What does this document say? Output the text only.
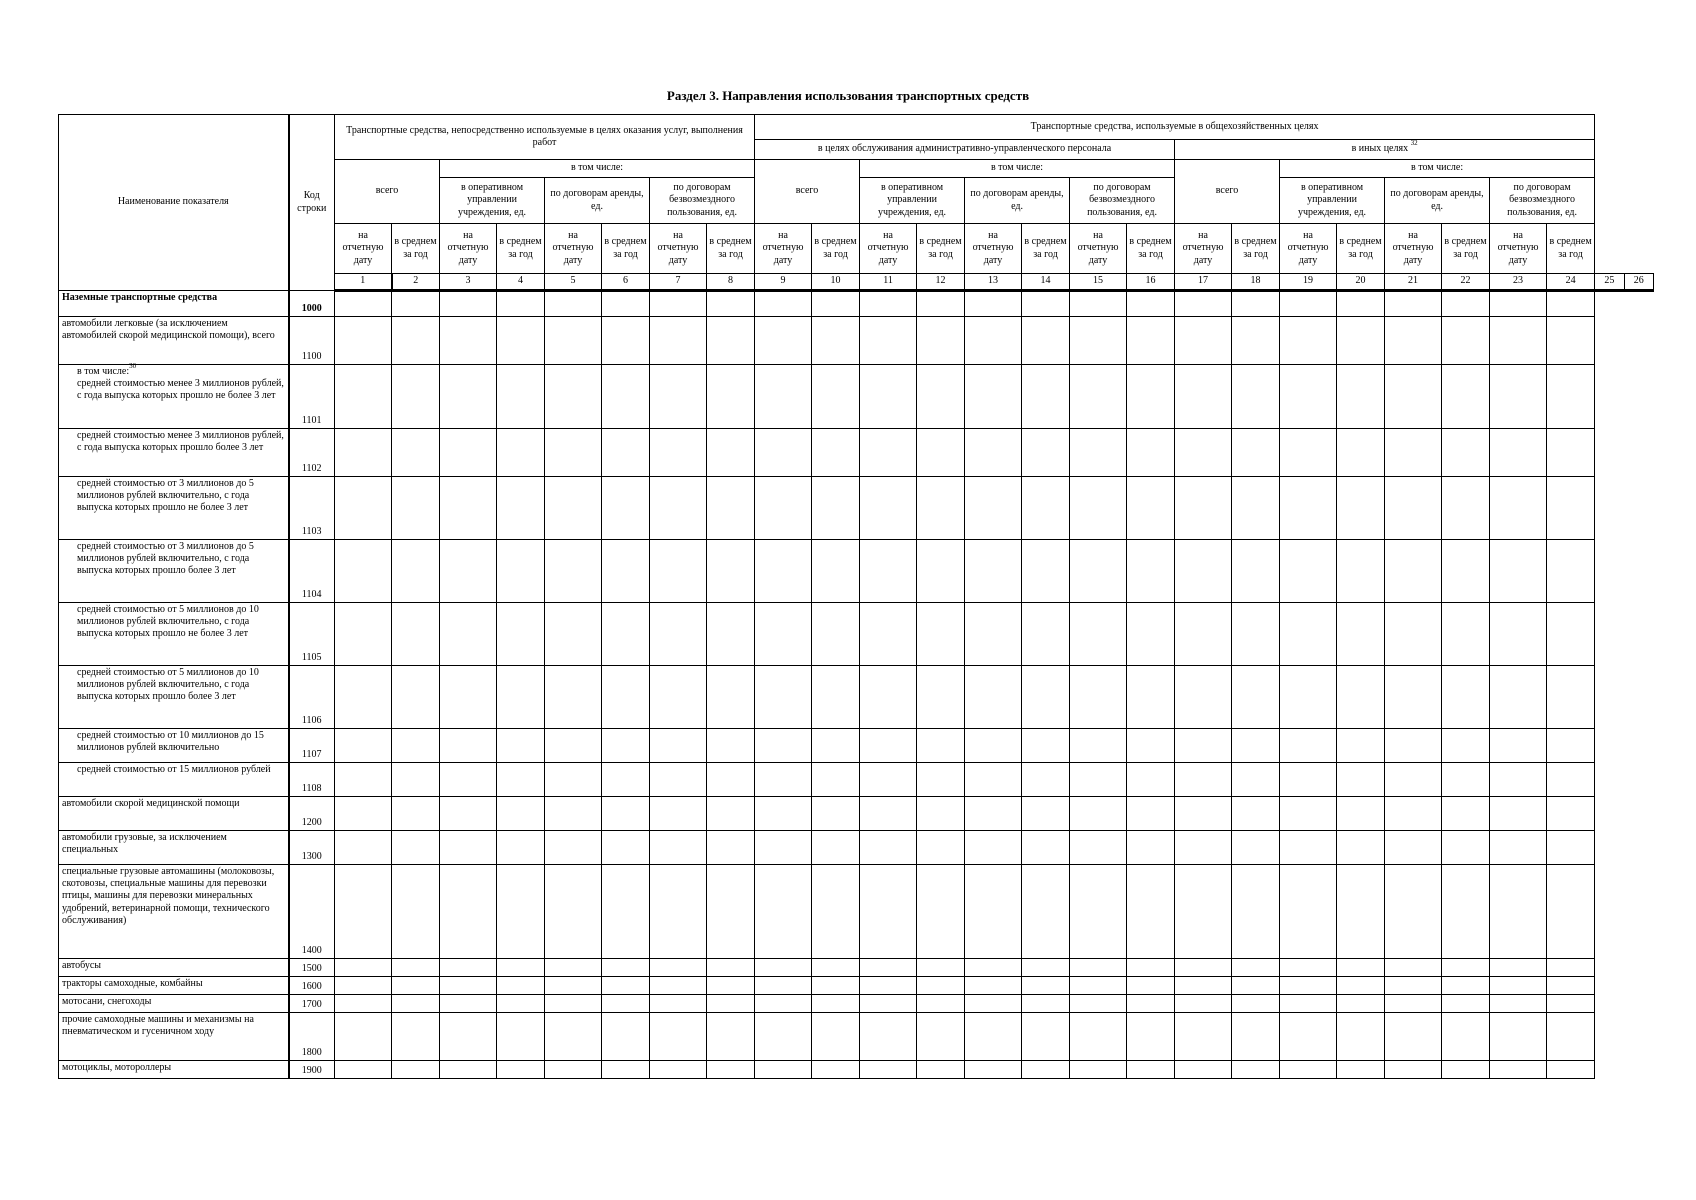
Раздел 3. Направления использования транспортных средств
Наименование показателя	Код строки	Транспортные средства, непосредственно используемые в целях оказания услуг, выполнения работ								Транспортные средства, используемые в общехозяйственных целях																	
										в целях обслуживания административно-управленческого персонала								в иных целях $^{32}$
		всего		в том числе:						всего		в том числе:						всего		в том числе:							
				в оперативном управлении учреждения, ед.		по договорам аренды, ед.		по договорам безвозмездного пользования, ед.				в оперативном управлении учреждения, ед.		по договорам аренды, ед.		по договорам безвозмездного пользования, ед.				в оперативном управлении учреждения, ед.		по договорам аренды, ед.		по договорам безвозмездного пользования, ед.			
		на отчетную дату	в среднем за год	на отчетную дату	в среднем за год	на отчетную дату	в среднем за год	на отчетную дату	в среднем за год	на отчетную дату	в среднем за год	на отчетную дату	в среднем за год	на отчетную дату	в среднем за год	на отчетную дату	в среднем за год	на отчетную дату	в среднем за год	на отчетную дату	в среднем за год	на отчетную дату	в среднем за год	на отчетную дату	в среднем за год		
		1	2	3	4	5	6	7	8	9	10	11	12	13	14	15	16	17	18	19	20	21	22	23	24	25	26
Наземные транспортные средства	1000																										
автомобили легковые (за исключением автомобилей скорой медицинской помощи), всего	1100																										
в том числе:$^{30}$
средней стоимостью менее 3 миллионов рублей, с года выпуска которых прошло не более 3 лет	1101																										
средней стоимостью менее 3 миллионов рублей, с года выпуска которых прошло более 3 лет	1102																										
средней стоимостью от 3 миллионов до 5 миллионов рублей включительно, с года выпуска которых прошло не более 3 лет	1103																										
средней стоимостью от 3 миллионов до 5 миллионов рублей включительно, с года выпуска которых прошло более 3 лет	1104																										
средней стоимостью от 5 миллионов до 10 миллионов рублей включительно, с года выпуска которых прошло не более 3 лет	1105																										
средней стоимостью от 5 миллионов до 10 миллионов рублей включительно, с года выпуска которых прошло более 3 лет	1106																										
средней стоимостью от 10 миллионов до 15 миллионов рублей включительно	1107																										
средней стоимостью от 15 миллионов рублей	1108																										
автомобили скорой медицинской помощи	1200																										
автомобили грузовые, за исключением специальных	1300																										
специальные грузовые автомашины (молоковозы, скотовозы, специальные машины для перевозки птицы, машины для перевозки минеральных удобрений, ветеринарной помощи, технического обслуживания)	1400																										
автобусы	1500																										
тракторы самоходные, комбайны	1600																										
мотосани, снегоходы	1700																										
прочие самоходные машины и механизмы на пневматическом и гусеничном ходу	1800																										
мотоциклы, мотороллеры	1900																										
